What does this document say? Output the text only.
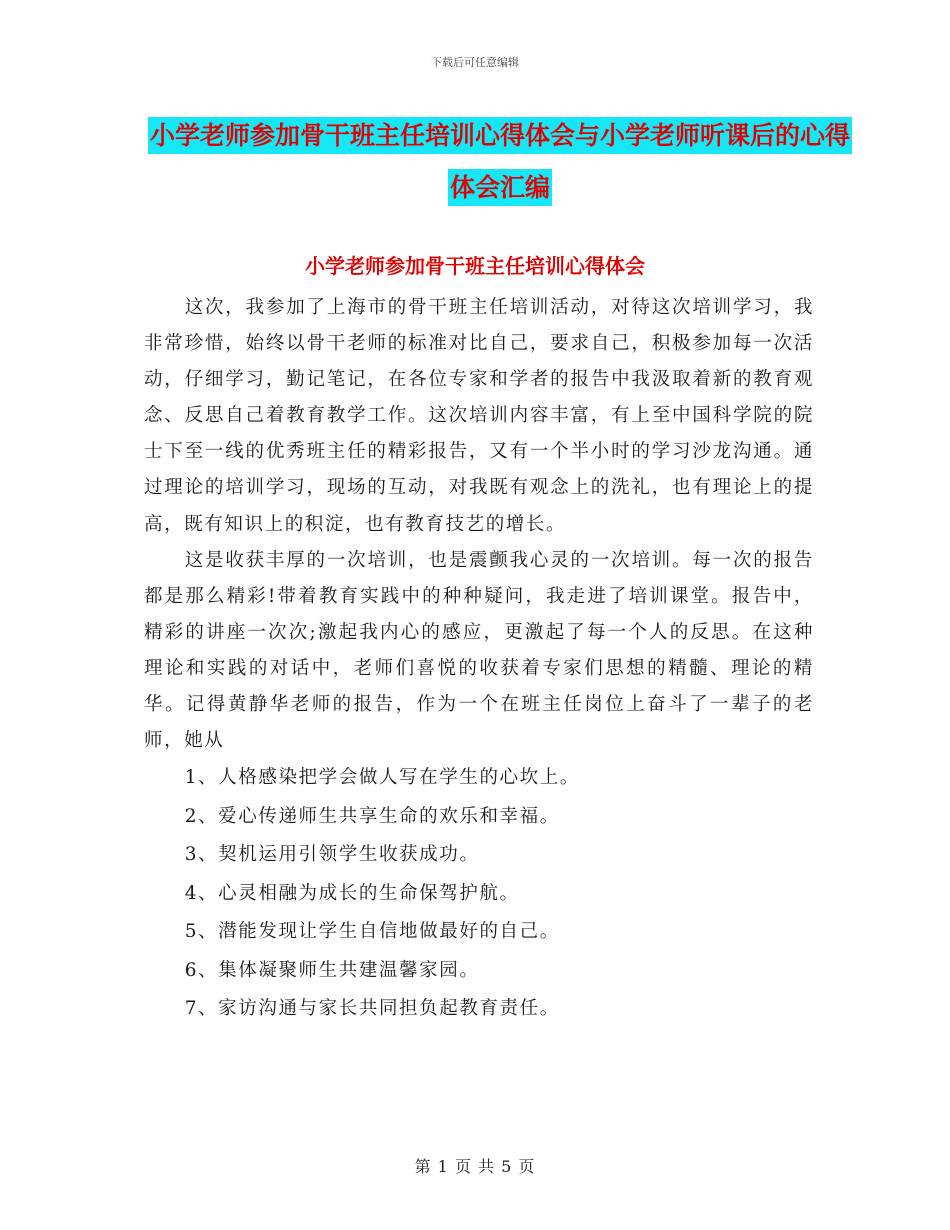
下载后可任意编辑
小学老师参加骨干班主任培训心得体会与小学老师听课后的心得体会汇编
小学老师参加骨干班主任培训心得体会

这次，我参加了上海市的骨干班主任培训活动，对待这次培训学习，我非常珍惜，始终以骨干老师的标准对比自己，要求自己，积极参加每一次活动，仔细学习，勤记笔记，在各位专家和学者的报告中我汲取着新的教育观念、反思自己着教育教学工作。这次培训内容丰富，有上至中国科学院的院士下至一线的优秀班主任的精彩报告，又有一个半小时的学习沙龙沟通。通过理论的培训学习，现场的互动，对我既有观念上的洗礼，也有理论上的提高，既有知识上的积淀，也有教育技艺的增长。

这是收获丰厚的一次培训，也是震颤我心灵的一次培训。每一次的报告都是那么精彩!带着教育实践中的种种疑问，我走进了培训课堂。报告中，精彩的讲座一次次;激起我内心的感应，更激起了每一个人的反思。在这种理论和实践的对话中，老师们喜悦的收获着专家们思想的精髓、理论的精华。记得黄静华老师的报告，作为一个在班主任岗位上奋斗了一辈子的老师，她从

1、人格感染把学会做人写在学生的心坎上。
2、爱心传递师生共享生命的欢乐和幸福。
3、契机运用引领学生收获成功。
4、心灵相融为成长的生命保驾护航。
5、潜能发现让学生自信地做最好的自己。
6、集体凝聚师生共建温馨家园。
7、家访沟通与家长共同担负起教育责任。
第 1 页 共 5 页
